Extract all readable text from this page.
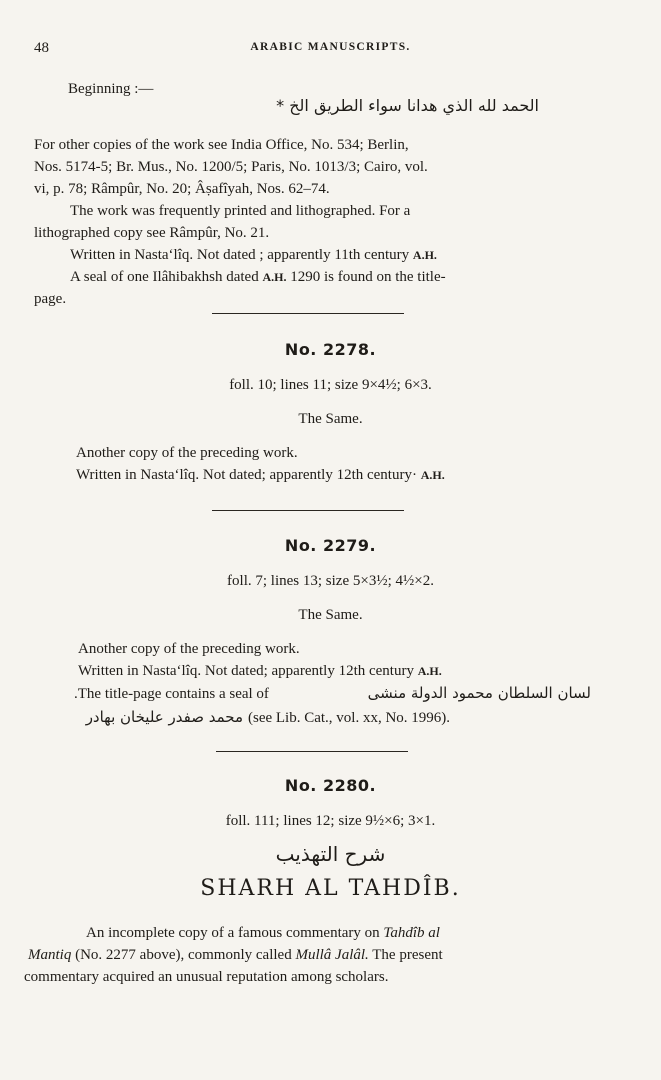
48	ARABIC MANUSCRIPTS.
Beginning :—
الحمد لله الذي هدانا سواء الطريق الخ *
For other copies of the work see India Office, No. 534; Berlin,
Nos. 5174-5; Br. Mus., No. 1200/5; Paris, No. 1013/3; Cairo, vol.
vi, p. 78; Râmpûr, No. 20; Âṣafîyah, Nos. 62–74.
The work was frequently printed and lithographed. For a
lithographed copy see Râmpûr, No. 21.
Written in Nasta‘lîq. Not dated ; apparently 11th century A.H.
A seal of one Ilâhibakhsh dated A.H. 1290 is found on the title-
page.
No. 2278.
foll. 10; lines 11; size 9×4½; 6×3.
The Same.
Another copy of the preceding work.
Written in Nasta‘lîq. Not dated; apparently 12th century· A.H.
No. 2279.
foll. 7; lines 13; size 5×3½; 4½×2.
The Same.
Another copy of the preceding work.
Written in Nasta‘lîq. Not dated; apparently 12th century A.H.
.The title-page contains a seal of	لسان السلطان محمود الدولة منشى
محمد صفدر عليخان بهادر (see Lib. Cat., vol. xx, No. 1996).
No. 2280.
foll. 111; lines 12; size 9½×6; 3×1.
شرح التهذيب
SHARH AL TAHDÎB.
An incomplete copy of a famous commentary on Tahdîb al
Mantiq (No. 2277 above), commonly called Mullâ Jalâl. The present
commentary acquired an unusual reputation among scholars.
